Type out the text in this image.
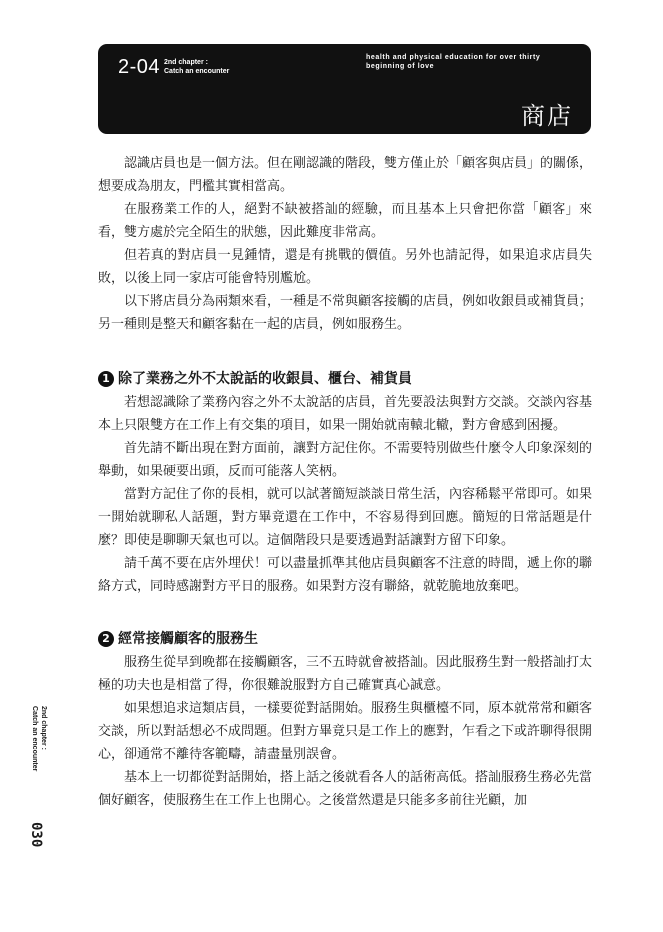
2-04 2nd chapter :
Catch an encounter
health and physical education for over thirty
beginning of love
商店

認識店員也是一個方法。但在剛認識的階段，雙方僅止於「顧客與店員」的關係，想要成為朋友，門檻其實相當高。

在服務業工作的人，絕對不缺被搭訕的經驗，而且基本上只會把你當「顧客」來看，雙方處於完全陌生的狀態，因此難度非常高。

但若真的對店員一見鍾情，還是有挑戰的價值。另外也請記得，如果追求店員失敗，以後上同一家店可能會特別尷尬。

以下將店員分為兩類來看，一種是不常與顧客接觸的店員，例如收銀員或補貨員；另一種則是整天和顧客黏在一起的店員，例如服務生。

1 除了業務之外不太說話的收銀員、櫃台、補貨員

若想認識除了業務內容之外不太說話的店員，首先要設法與對方交談。交談內容基本上只限雙方在工作上有交集的項目，如果一開始就南轅北轍，對方會感到困擾。

首先請不斷出現在對方面前，讓對方記住你。不需要特別做些什麼令人印象深刻的舉動，如果硬要出頭，反而可能落人笑柄。

當對方記住了你的長相，就可以試著簡短談談日常生活，內容稀鬆平常即可。如果一開始就聊私人話題，對方畢竟還在工作中，不容易得到回應。簡短的日常話題是什麼？即使是聊聊天氣也可以。這個階段只是要透過對話讓對方留下印象。

請千萬不要在店外埋伏！可以盡量抓準其他店員與顧客不注意的時間，遞上你的聯絡方式，同時感謝對方平日的服務。如果對方沒有聯絡，就乾脆地放棄吧。

2 經常接觸顧客的服務生

服務生從早到晚都在接觸顧客，三不五時就會被搭訕。因此服務生對一般搭訕打太極的功夫也是相當了得，你很難說服對方自己確實真心誠意。

如果想追求這類店員，一樣要從對話開始。服務生與櫃檯不同，原本就常常和顧客交談，所以對話想必不成問題。但對方畢竟只是工作上的應對，乍看之下或許聊得很開心，卻通常不離待客範疇，請盡量別誤會。

基本上一切都從對話開始，搭上話之後就看各人的話術高低。搭訕服務生務必先當個好顧客，使服務生在工作上也開心。之後當然還是只能多多前往光顧，加

2nd chapter :
Catch an encounter
030
